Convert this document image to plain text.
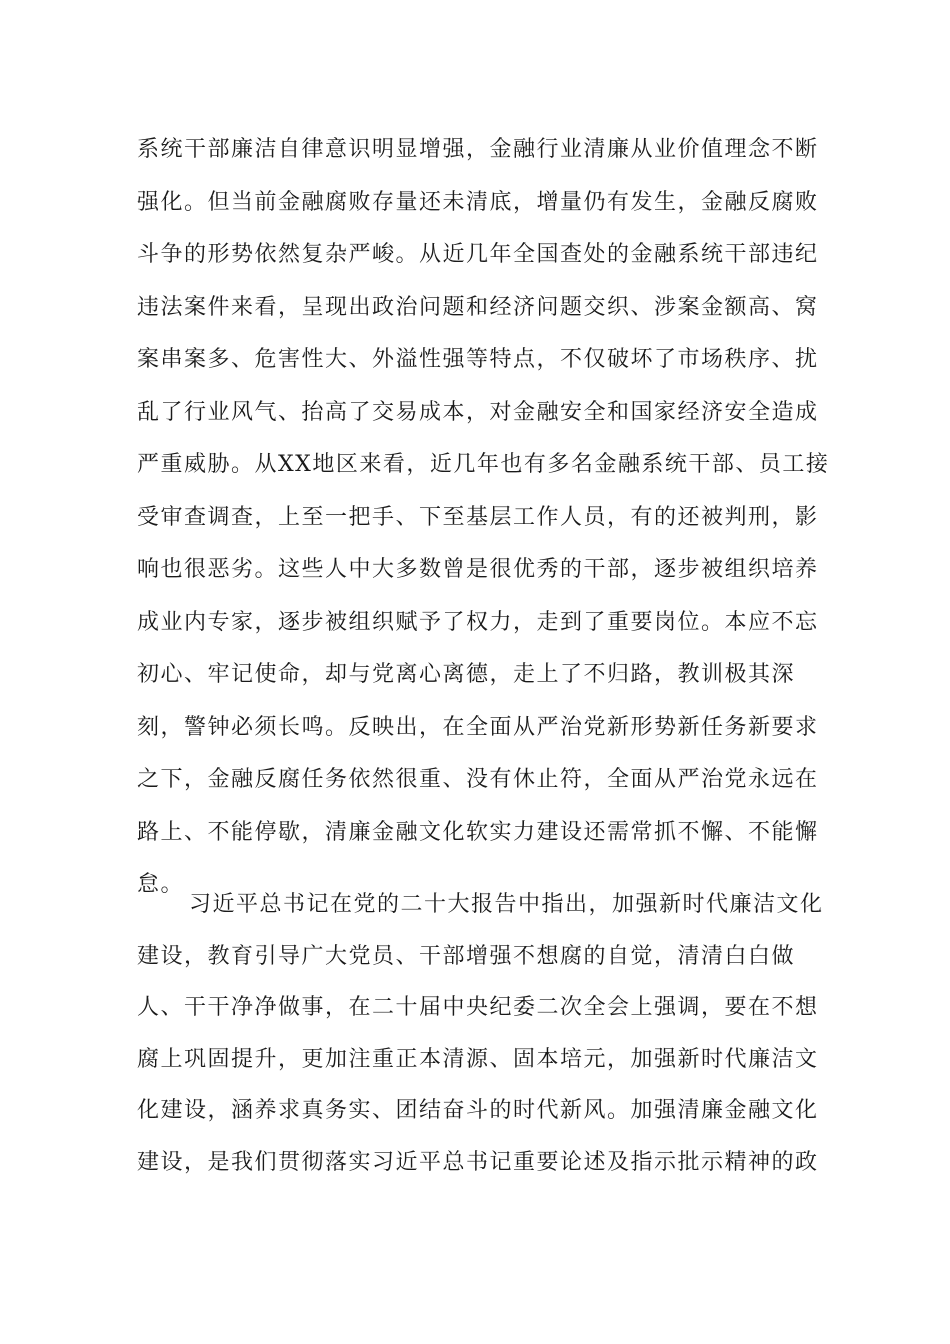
系统干部廉洁自律意识明显增强，金融行业清廉从业价值理念不断
强化。但当前金融腐败存量还未清底，增量仍有发生，金融反腐败
斗争的形势依然复杂严峻。从近几年全国查处的金融系统干部违纪
违法案件来看，呈现出政治问题和经济问题交织、涉案金额高、窝
案串案多、危害性大、外溢性强等特点，不仅破坏了市场秩序、扰
乱了行业风气、抬高了交易成本，对金融安全和国家经济安全造成
严重威胁。从XX地区来看，近几年也有多名金融系统干部、员工接
受审查调查，上至一把手、下至基层工作人员，有的还被判刑，影
响也很恶劣。这些人中大多数曾是很优秀的干部，逐步被组织培养
成业内专家，逐步被组织赋予了权力，走到了重要岗位。本应不忘
初心、牢记使命，却与党离心离德，走上了不归路，教训极其深
刻，警钟必须长鸣。反映出，在全面从严治党新形势新任务新要求
之下，金融反腐任务依然很重、没有休止符，全面从严治党永远在
路上、不能停歇，清廉金融文化软实力建设还需常抓不懈、不能懈
怠。
习近平总书记在党的二十大报告中指出，加强新时代廉洁文化
建设，教育引导广大党员、干部增强不想腐的自觉，清清白白做
人、干干净净做事，在二十届中央纪委二次全会上强调，要在不想
腐上巩固提升，更加注重正本清源、固本培元，加强新时代廉洁文
化建设，涵养求真务实、团结奋斗的时代新风。加强清廉金融文化
建设，是我们贯彻落实习近平总书记重要论述及指示批示精神的政
